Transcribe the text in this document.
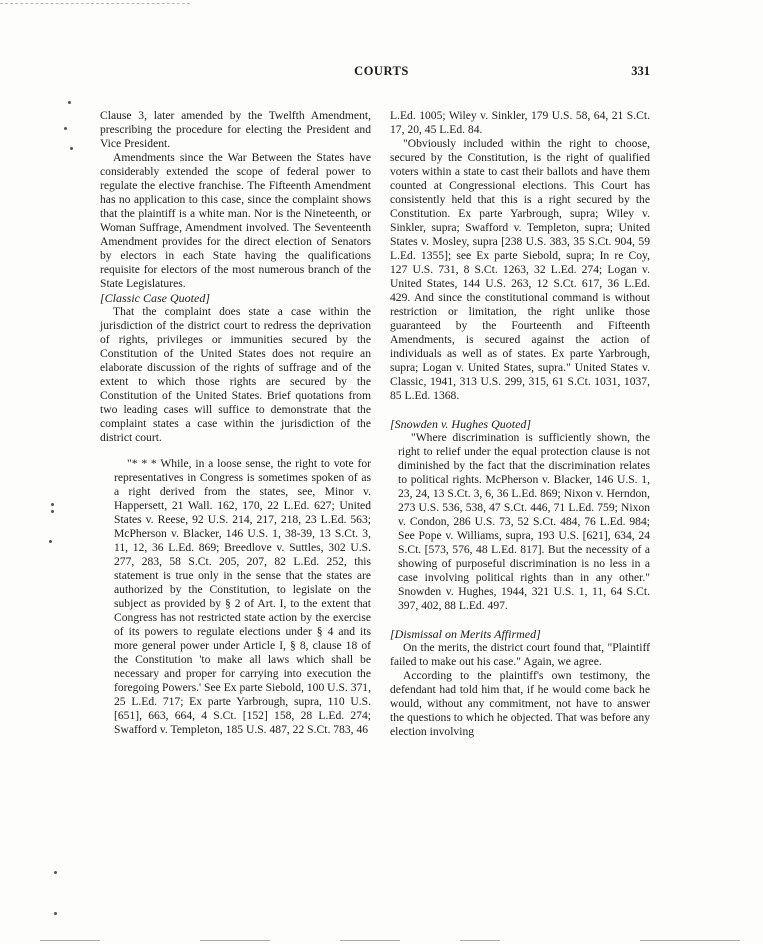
COURTS	331

Clause 3, later amended by the Twelfth Amendment, prescribing the procedure for electing the President and Vice President.

Amendments since the War Between the States have considerably extended the scope of federal power to regulate the elective franchise. The Fifteenth Amendment has no application to this case, since the complaint shows that the plaintiff is a white man. Nor is the Nineteenth, or Woman Suffrage, Amendment involved. The Seventeenth Amendment provides for the direct election of Senators by electors in each State having the qualifications requisite for electors of the most numerous branch of the State Legislatures.

[Classic Case Quoted]

That the complaint does state a case within the jurisdiction of the district court to redress the deprivation of rights, privileges or immunities secured by the Constitution of the United States does not require an elaborate discussion of the rights of suffrage and of the extent to which those rights are secured by the Constitution of the United States. Brief quotations from two leading cases will suffice to demonstrate that the complaint states a case within the jurisdiction of the district court.

"* * * While, in a loose sense, the right to vote for representatives in Congress is sometimes spoken of as a right derived from the states, see, Minor v. Happersett, 21 Wall. 162, 170, 22 L.Ed. 627; United States v. Reese, 92 U.S. 214, 217, 218, 23 L.Ed. 563; McPherson v. Blacker, 146 U.S. 1, 38-39, 13 S.Ct. 3, 11, 12, 36 L.Ed. 869; Breedlove v. Suttles, 302 U.S. 277, 283, 58 S.Ct. 205, 207, 82 L.Ed. 252, this statement is true only in the sense that the states are authorized by the Constitution, to legislate on the subject as provided by § 2 of Art. I, to the extent that Congress has not restricted state action by the exercise of its powers to regulate elections under § 4 and its more general power under Article I, § 8, clause 18 of the Constitution 'to make all laws which shall be necessary and proper for carrying into execution the foregoing Powers.' See Ex parte Siebold, 100 U.S. 371, 25 L.Ed. 717; Ex parte Yarbrough, supra, 110 U.S. [651], 663, 664, 4 S.Ct. [152] 158, 28 L.Ed. 274; Swafford v. Templeton, 185 U.S. 487, 22 S.Ct. 783, 46

L.Ed. 1005; Wiley v. Sinkler, 179 U.S. 58, 64, 21 S.Ct. 17, 20, 45 L.Ed. 84.

"Obviously included within the right to choose, secured by the Constitution, is the right of qualified voters within a state to cast their ballots and have them counted at Congressional elections. This Court has consistently held that this is a right secured by the Constitution. Ex parte Yarbrough, supra; Wiley v. Sinkler, supra; Swafford v. Templeton, supra; United States v. Mosley, supra [238 U.S. 383, 35 S.Ct. 904, 59 L.Ed. 1355]; see Ex parte Siebold, supra; In re Coy, 127 U.S. 731, 8 S.Ct. 1263, 32 L.Ed. 274; Logan v. United States, 144 U.S. 263, 12 S.Ct. 617, 36 L.Ed. 429. And since the constitutional command is without restriction or limitation, the right unlike those guaranteed by the Fourteenth and Fifteenth Amendments, is secured against the action of individuals as well as of states. Ex parte Yarbrough, supra; Logan v. United States, supra." United States v. Classic, 1941, 313 U.S. 299, 315, 61 S.Ct. 1031, 1037, 85 L.Ed. 1368.

[Snowden v. Hughes Quoted]

"Where discrimination is sufficiently shown, the right to relief under the equal protection clause is not diminished by the fact that the discrimination relates to political rights. McPherson v. Blacker, 146 U.S. 1, 23, 24, 13 S.Ct. 3, 6, 36 L.Ed. 869; Nixon v. Herndon, 273 U.S. 536, 538, 47 S.Ct. 446, 71 L.Ed. 759; Nixon v. Condon, 286 U.S. 73, 52 S.Ct. 484, 76 L.Ed. 984; See Pope v. Williams, supra, 193 U.S. [621], 634, 24 S.Ct. [573, 576, 48 L.Ed. 817]. But the necessity of a showing of purposeful discrimination is no less in a case involving political rights than in any other." Snowden v. Hughes, 1944, 321 U.S. 1, 11, 64 S.Ct. 397, 402, 88 L.Ed. 497.

[Dismissal on Merits Affirmed]

On the merits, the district court found that, "Plaintiff failed to make out his case." Again, we agree.

According to the plaintiff's own testimony, the defendant had told him that, if he would come back he would, without any commitment, not have to answer the questions to which he objected. That was before any election involving
